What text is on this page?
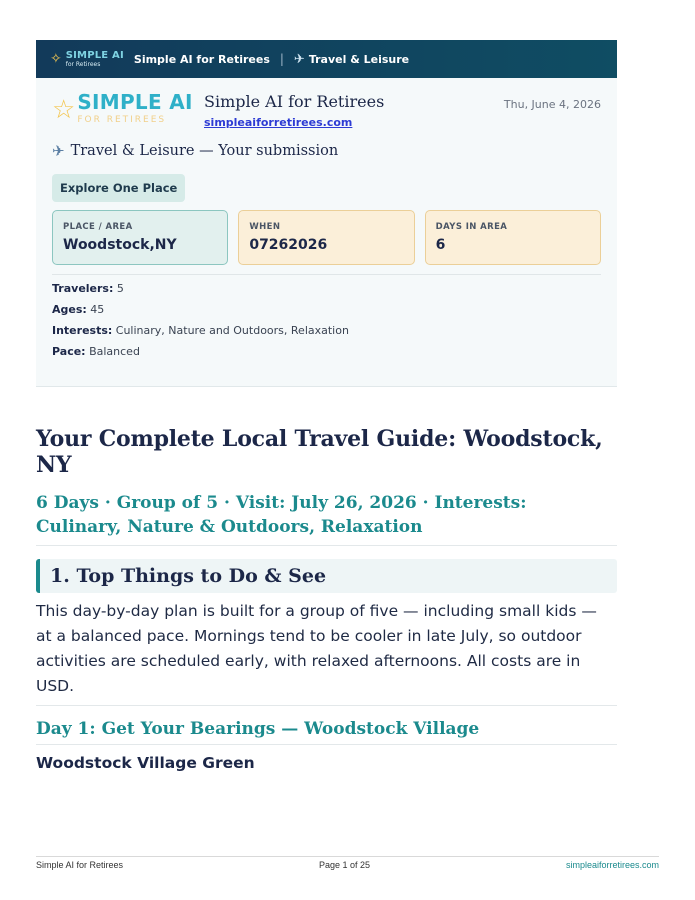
✧ SIMPLE AI
for Retirees	Simple AI for Retirees | ✈ Travel & Leisure
☆ SIMPLE AI
FOR RETIREES
Simple AI for Retirees
simpleaiforretirees.com
Thu, June 4, 2026
✈ Travel & Leisure — Your submission
Explore One Place
PLACE / AREA
Woodstock,NY
WHEN
07262026
DAYS IN AREA
6
Travelers: 5
Ages: 45
Interests: Culinary, Nature and Outdoors, Relaxation
Pace: Balanced
Your Complete Local Travel Guide: Woodstock, NY
6 Days · Group of 5 · Visit: July 26, 2026 · Interests: Culinary, Nature & Outdoors, Relaxation
1. Top Things to Do & See

This day-by-day plan is built for a group of five — including small kids — at a balanced pace. Mornings tend to be cooler in late July, so outdoor activities are scheduled early, with relaxed afternoons. All costs are in USD.

Day 1: Get Your Bearings — Woodstock Village
Woodstock Village Green
Simple AI for Retirees	Page 1 of 25	simpleaiforretirees.com
